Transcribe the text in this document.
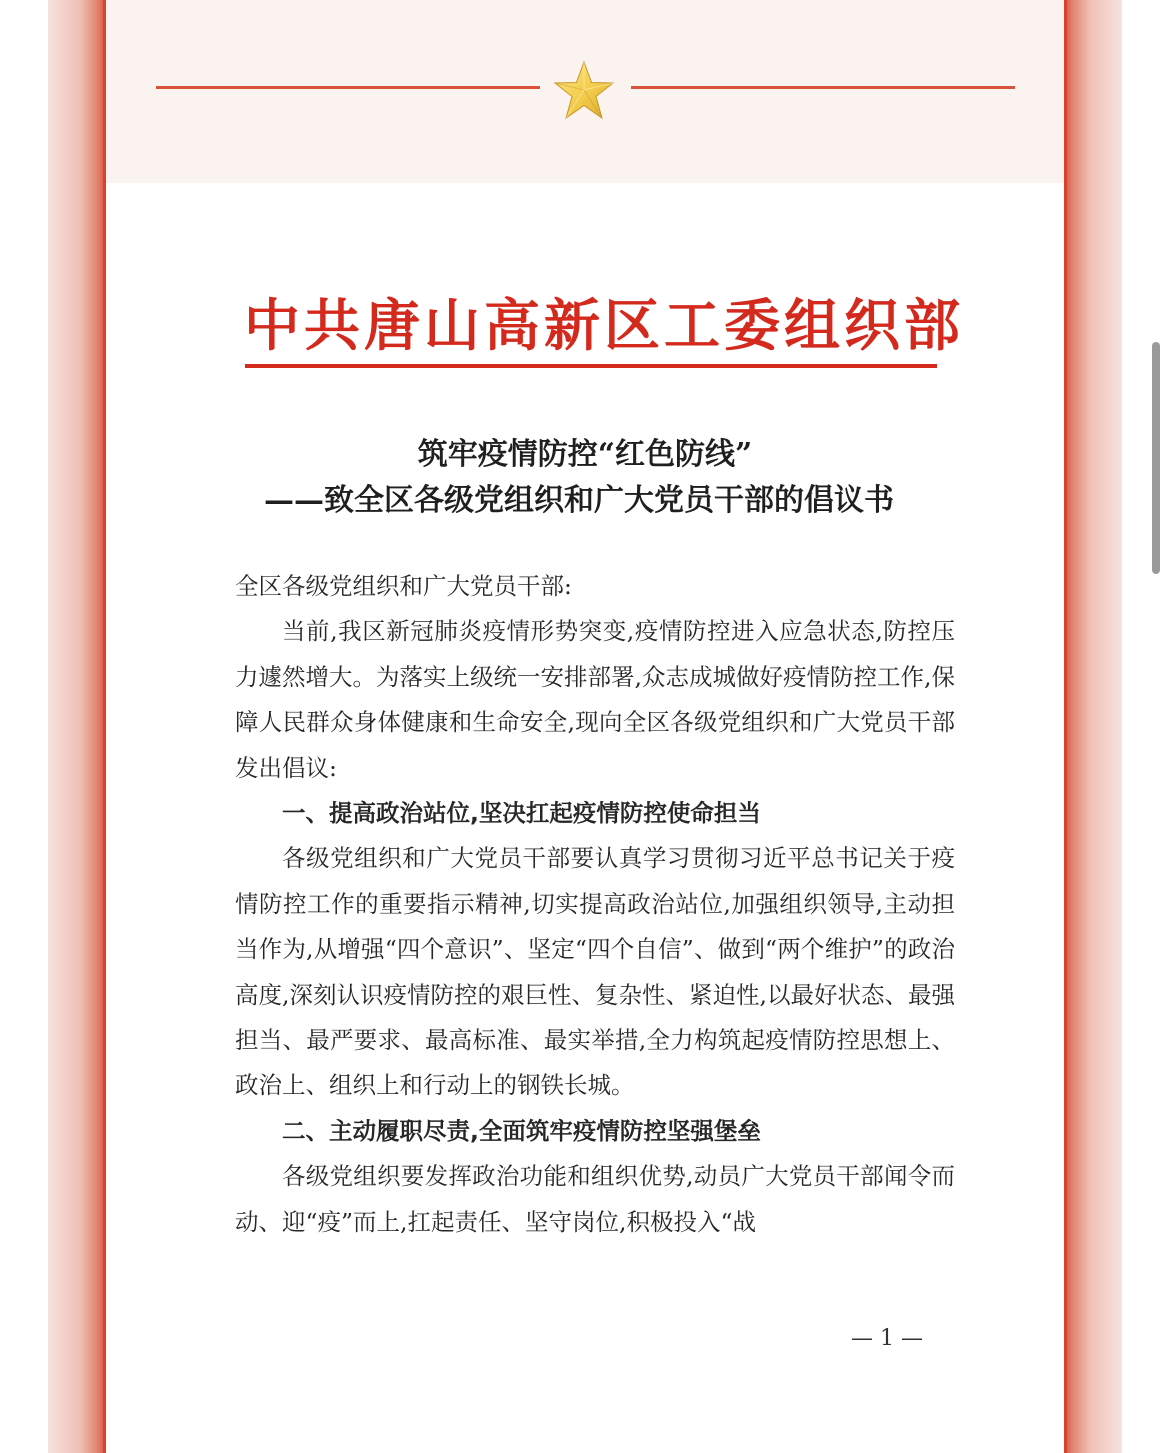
中共唐山高新区工委组织部
筑牢疫情防控“红色防线”
——致全区各级党组织和广大党员干部的倡议书

全区各级党组织和广大党员干部:

当前,我区新冠肺炎疫情形势突变,疫情防控进入应急状态,防控压力遽然增大。为落实上级统一安排部署,众志成城做好疫情防控工作,保障人民群众身体健康和生命安全,现向全区各级党组织和广大党员干部发出倡议:

一、提高政治站位,坚决扛起疫情防控使命担当

各级党组织和广大党员干部要认真学习贯彻习近平总书记关于疫情防控工作的重要指示精神,切实提高政治站位,加强组织领导,主动担当作为,从增强“四个意识”、坚定“四个自信”、做到“两个维护”的政治高度,深刻认识疫情防控的艰巨性、复杂性、紧迫性,以最好状态、最强担当、最严要求、最高标准、最实举措,全力构筑起疫情防控思想上、政治上、组织上和行动上的钢铁长城。

二、主动履职尽责,全面筑牢疫情防控坚强堡垒

各级党组织要发挥政治功能和组织优势,动员广大党员干部闻令而动、迎“疫”而上,扛起责任、坚守岗位,积极投入“战

— 1 —
